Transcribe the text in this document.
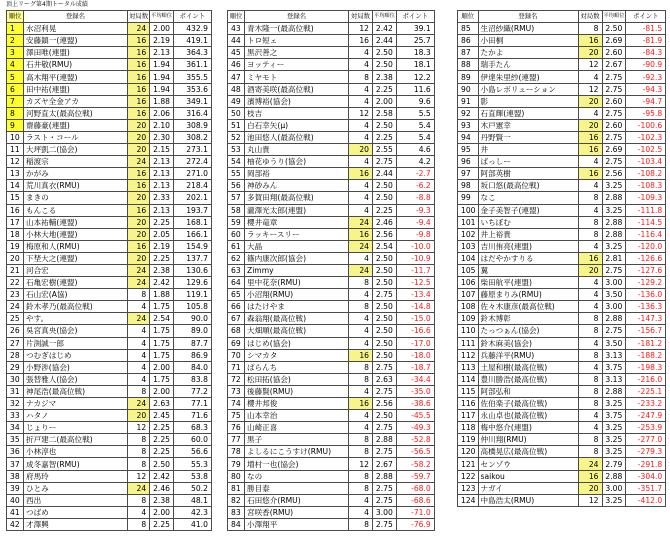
頂上リーグ第4期トータル成績
順位	登録名	対局数	平均順位	ポイント
1	水沼利晃	24	2.00	432.9
2	安藤鎮一(連盟)	16	2.19	419.1
3	澤田唯(連盟)	16	2.13	364.3
4	石井敬(RMU)	16	1.94	361.1
5	高木翔平(連盟)	16	1.94	355.5
6	田中祐(連盟)	16	1.94	353.6
7	カズヤ全金アカ	16	1.88	349.1
8	河野直太(最高位戦)	16	2.06	316.4
9	齋藤豪(連盟)	20	2.10	308.9
10	ラスト・コール	20	2.30	308.2
11	大坪凱二(協会)	20	2.15	273.1
12	稲渡宗	24	2.13	272.4
13	かがみ	16	2.13	271.0
14	荒川真衣(RMU)	16	2.13	218.4
15	まきの	20	2.33	202.1
16	もんこる	16	2.13	193.7
17	山本祐輔(連盟)	20	2.25	168.1
18	小林大地(連盟)	20	2.05	166.1
19	梅原和人(RMU)	16	2.19	154.9
20	下埜大之(連盟)	20	2.25	137.7
21	河合宏	24	2.38	130.6
22	石亀宏樹(連盟)	24	2.42	129.6
23	石山宏(A協)	8	1.88	119.1
24	鈴木孝乃(最高位戦)	4	1.75	105.8
25	やす。	24	2.54	90.0
26	吳宮真央(協会)	4	1.75	89.0
27	片渕誠一郎	4	1.75	87.7
28	つむぎはじめ	4	1.75	86.9
29	小野渉(協会)	4	2.00	84.0
30	張替雅人(協会)	4	1.75	83.8
31	神尾浩(最高位戦)	8	2.00	77.2
32	ナカジマ	24	2.63	77.1
33	ハタノ	20	2.45	71.6
34	じょりー	12	2.25	68.3
35	折戸建二(最高位戦)	8	2.25	60.0
36	小林淳也	8	2.25	56.6
37	成冬嘉智(RMU)	8	2.50	55.3
38	府馬玲	12	2.42	53.8
39	ひとみ	24	2.46	50.2
40	西出	8	2.38	48.1
41	つばめ	4	2.00	42.3
42	才澤興	8	2.25	41.0
順位	登録名	対局数	平均順位	ポイント
43	青木隆一(最高位戦)	12	2.42	39.1
44	トロ短ェ	16	2.44	25.7
45	黒沢善之	4	2.50	18.3
46	ヨッティー	4	2.50	18.1
47	ミヤモト	8	2.38	12.2
48	酒寄美咲(最高位戦)	4	2.25	11.6
49	濱博裕(協会)	4	2.00	9.6
50	枝吉	12	2.58	5.5
51	白石幸矢(μ)	4	2.50	5.4
52	池田悠人(最高位戦)	4	2.25	5.4
53	丸山貴	20	2.55	4.6
54	柚花ゆうり(協会)	4	2.75	4.2
55	岡部裕	16	2.44	-2.7
56	神砂みん	4	2.50	-6.2
57	多賀田翔(最高位戦)	4	2.50	-8.8
58	瀧澤光太郎(連盟)	4	2.25	-9.3
59	櫻井竜章	24	2.46	-9.4
60	ラッキースリー	16	2.56	-9.8
61	大晶	24	2.54	-10.0
62	篠内康次郎(協会)	4	2.50	-10.9
63	Zimmy	24	2.50	-11.7
64	里中花奈(RMU)	8	2.50	-12.5
65	小沼翔(RMU)	4	2.75	-13.4
66	はたけやま	8	2.50	-14.8
67	森翁翔(最高位戦)	4	2.50	-15.0
68	大畑順(最高位戦)	4	2.50	-16.6
69	はじめ(協会)	4	2.50	-17.0
70	シマカタ	16	2.50	-18.0
71	ぱらんち	8	2.75	-18.7
72	松田拓(協会)	8	2.63	-34.4
73	後藤賢(RMU)	4	2.75	-35.0
74	櫻井邦俊	16	2.56	-38.6
75	山本幸治	4	2.50	-45.5
76	山崎正喜	4	2.75	-49.3
77	黒子	8	2.88	-52.8
78	よしるにこうすけ(RMU)	8	2.75	-56.5
79	増村一也(協会)	12	2.67	-58.2
80	なの	8	2.88	-59.7
81	勝目泰	8	2.75	-68.0
82	石田悠介(RMU)	4	2.75	-68.6
83	宮咲香(RMU)	4	3.00	-71.0
84	小澤翔平	8	2.75	-76.9
順位	登録名	対局数	平均順位	ポイント
85	生沼紗織(RMU)	8	2.50	-81.5
86	小田桐	16	2.69	-81.9
87	たかよ	20	2.60	-84.3
88	瑞手たん	12	2.67	-90.9
89	伊達朱里紗(連盟)	4	2.75	-92.3
90	小島レボリューション	12	2.75	-94.3
91	影	20	2.60	-94.7
92	石直輝(連盟)	4	2.75	-95.8
93	木戸憲幸	20	2.60	-100.6
94	丹野賢一	16	2.75	-102.3
95	井	16	2.69	-102.5
96	ばっしー	4	2.75	-103.4
97	阿部英樹	16	2.56	-108.2
98	坂口悠(最高位戦)	4	3.25	-108.3
99	なこ	8	2.88	-109.3
100	金子美智子(連盟)	4	3.25	-111.8
101	いちぼむ	8	2.88	-114.5
102	井上裕貴	8	2.88	-116.4
103	吉川侑亮(連盟)	4	3.25	-120.0
104	はだやかすりる	16	2.81	-126.6
105	翼	20	2.75	-127.6
106	柴田航平(連盟)	4	3.00	-129.2
107	藤原まりみ(RMU)	4	3.50	-136.0
108	佐々木康彦(最高位戦)	4	3.00	-136.3
109	鈴木博彰	8	2.88	-147.3
110	たっつぁん(協会)	8	2.75	-156.7
111	鈴木麻美(協会)	4	3.50	-181.2
112	兵藤洋平(RMU)	8	3.13	-188.2
113	土屋和樹(最高位戦)	4	3.75	-198.3
114	豊川勝浩(最高位戦)	8	3.13	-216.0
115	阿部弘和	8	2.88	-225.1
116	佐伯楽子(最高位戦)	8	3.25	-233.2
117	永山卓也(最高位戦)	4	3.75	-247.9
118	梅中悠介(連盟)	4	3.25	-253.9
119	仲川翔(RMU)	8	3.25	-277.0
120	高橋晃広(最高位戦)	8	3.25	-279.3
121	センゾウ	24	2.79	-291.8
122	saikou	16	2.88	-304.0
123	ナガイ	20	3.00	-351.7
124	中島浩太(RMU)	12	3.25	-412.0
